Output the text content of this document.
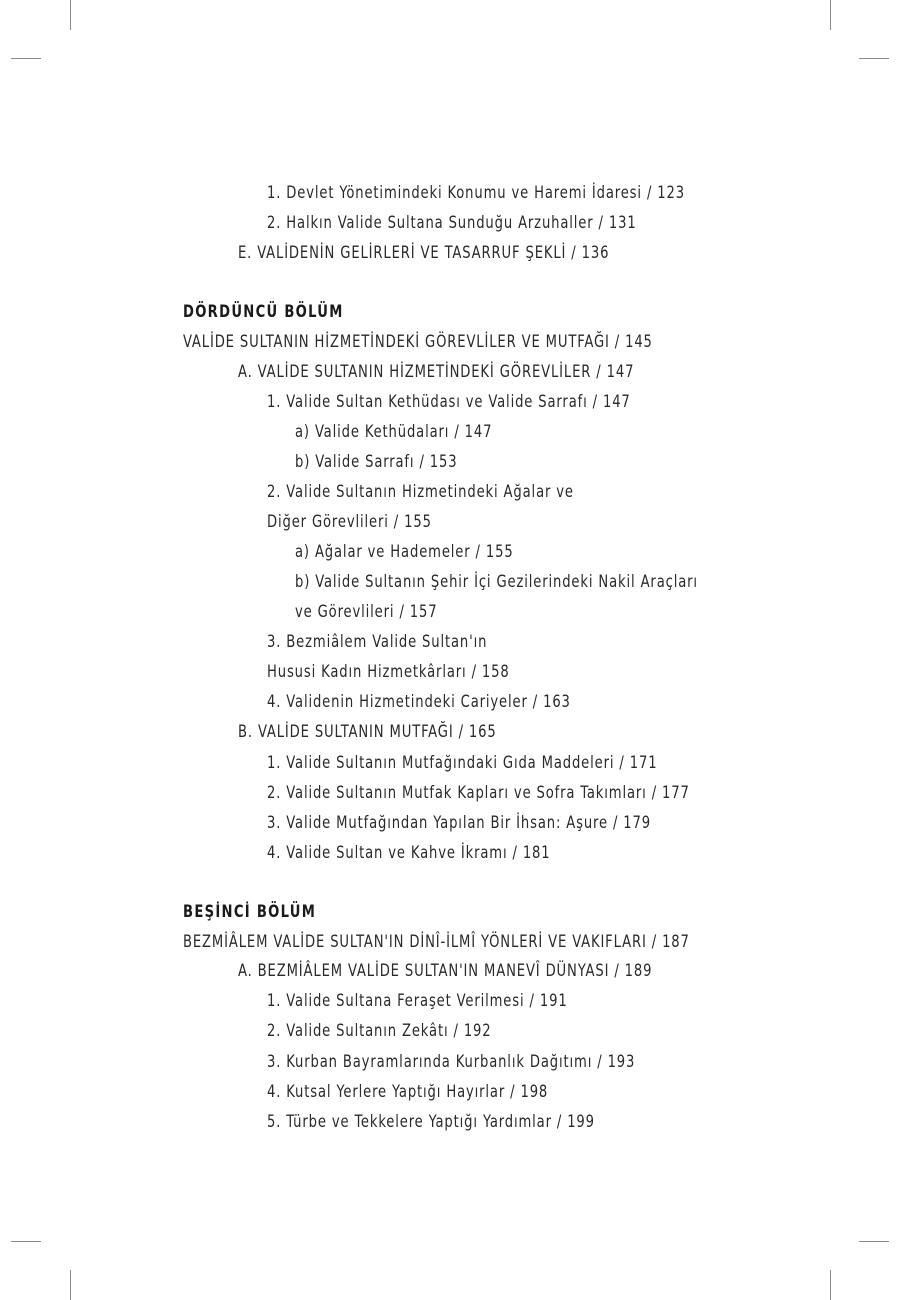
1. Devlet Yönetimindeki Konumu ve Haremi İdaresi / 123
2. Halkın Valide Sultana Sunduğu Arzuhaller / 131
E. VALİDENİN GELİRLERİ VE TASARRUF ŞEKLİ / 136
DÖRDÜNCÜ BÖLÜM
VALİDE SULTANIN HİZMETİNDEKİ GÖREVLİLER VE MUTFAĞI / 145
A. VALİDE SULTANIN HİZMETİNDEKİ GÖREVLİLER / 147
1. Valide Sultan Kethüdası ve Valide Sarrafı / 147
a) Valide Kethüdaları / 147
b) Valide Sarrafı / 153
2. Valide Sultanın Hizmetindeki Ağalar ve
Diğer Görevlileri / 155
a) Ağalar ve Hademeler / 155
b) Valide Sultanın Şehir İçi Gezilerindeki Nakil Araçları
ve Görevlileri / 157
3. Bezmiâlem Valide Sultan'ın
Hususi Kadın Hizmetkârları / 158
4. Validenin Hizmetindeki Cariyeler / 163
B. VALİDE SULTANIN MUTFAĞI / 165
1. Valide Sultanın Mutfağındaki Gıda Maddeleri / 171
2. Valide Sultanın Mutfak Kapları ve Sofra Takımları / 177
3. Valide Mutfağından Yapılan Bir İhsan: Aşure / 179
4. Valide Sultan ve Kahve İkramı / 181
BEŞİNCİ BÖLÜM
BEZMİÂLEM VALİDE SULTAN'IN DİNÎ-İLMÎ YÖNLERİ VE VAKIFLARI / 187
A. BEZMİÂLEM VALİDE SULTAN'IN MANEVÎ DÜNYASI / 189
1. Valide Sultana Feraşet Verilmesi / 191
2. Valide Sultanın Zekâtı / 192
3. Kurban Bayramlarında Kurbanlık Dağıtımı / 193
4. Kutsal Yerlere Yaptığı Hayırlar / 198
5. Türbe ve Tekkelere Yaptığı Yardımlar / 199
